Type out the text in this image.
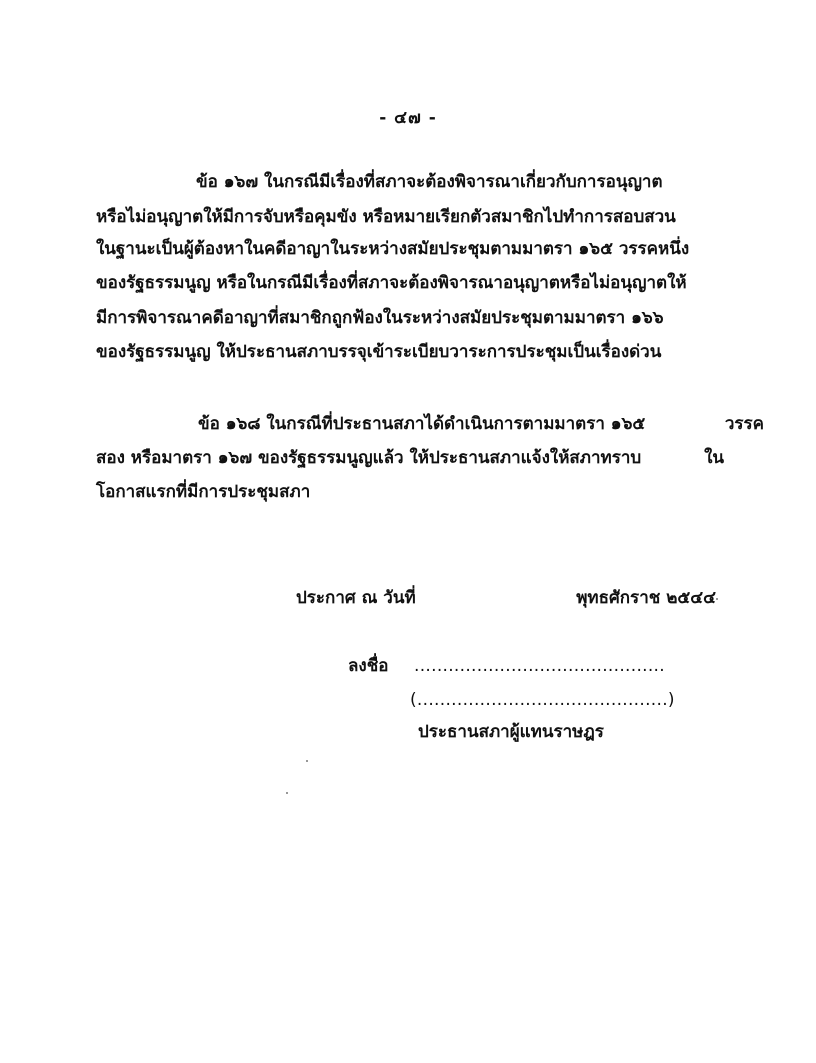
- ๔๗ -
ข้อ ๑๖๗ ในกรณีมีเรื่องที่สภาจะต้องพิจารณาเกี่ยวกับการอนุญาต
หรือไม่อนุญาตให้มีการจับหรือคุมขัง หรือหมายเรียกตัวสมาชิกไปทำการสอบสวน
ในฐานะเป็นผู้ต้องหาในคดีอาญาในระหว่างสมัยประชุมตามมาตรา ๑๖๕ วรรคหนึ่ง
ของรัฐธรรมนูญ หรือในกรณีมีเรื่องที่สภาจะต้องพิจารณาอนุญาตหรือไม่อนุญาตให้
มีการพิจารณาคดีอาญาที่สมาชิกถูกฟ้องในระหว่างสมัยประชุมตามมาตรา ๑๖๖
ของรัฐธรรมนูญ ให้ประธานสภาบรรจุเข้าระเบียบวาระการประชุมเป็นเรื่องด่วน
ข้อ ๑๖๘ ในกรณีที่ประธานสภาได้ดำเนินการตามมาตรา ๑๖๕	วรรค
สอง หรือมาตรา ๑๖๗ ของรัฐธรรมนูญแล้ว ให้ประธานสภาแจ้งให้สภาทราบ	ใน
โอกาสแรกที่มีการประชุมสภา
ประกาศ ณ วันที่	พุทธศักราช ๒๕๔๔
ลงชื่อ ............................................
(............................................)
ประธานสภาผู้แทนราษฎร
